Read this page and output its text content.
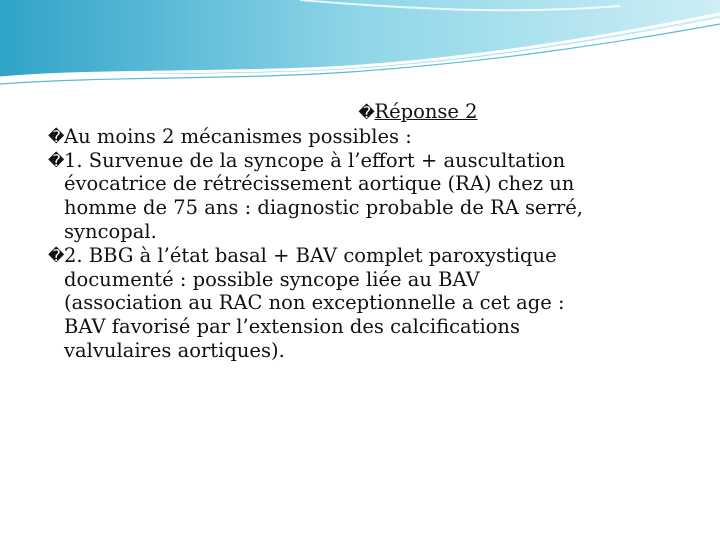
�Réponse 2
� Au moins 2 mécanismes possibles :
� 1. Survenue de la syncope à l’effort + auscultation
évocatrice de rétrécissement aortique (RA) chez un
homme de 75 ans : diagnostic probable de RA serré,
syncopal.
� 2. BBG à l’état basal + BAV complet paroxystique
documenté : possible syncope liée au BAV
(association au RAC non exceptionnelle a cet age :
BAV favorisé par l’extension des calcifications
valvulaires aortiques).
